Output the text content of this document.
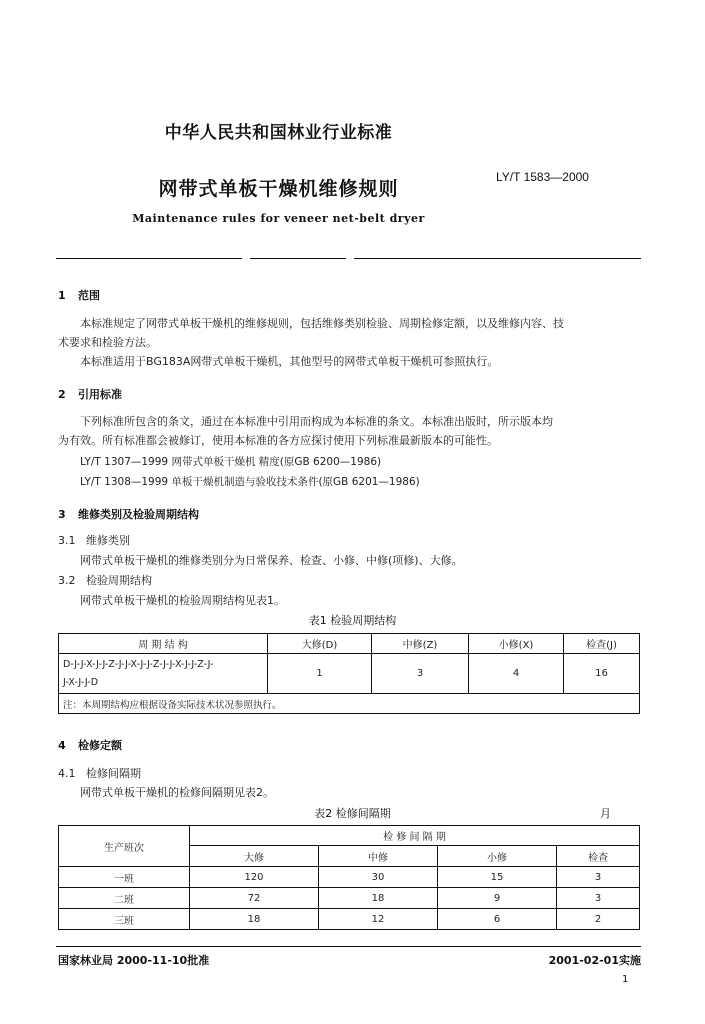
中华人民共和国林业行业标准
网带式单板干燥机维修规则
LY/T 1583—2000
Maintenance rules for veneer net-belt dryer
1 范围
本标准规定了网带式单板干燥机的维修规则，包括维修类别检验、周期检修定额，以及维修内容、技
术要求和检验方法。
本标准适用于BG183A网带式单板干燥机，其他型号的网带式单板干燥机可参照执行。
2 引用标准
下列标准所包含的条文，通过在本标准中引用而构成为本标准的条文。本标准出版时，所示版本均
为有效。所有标准都会被修订，使用本标准的各方应探讨使用下列标准最新版本的可能性。
LY/T 1307—1999 网带式单板干燥机 精度(原GB 6200—1986)
LY/T 1308—1999 单板干燥机制造与验收技术条件(原GB 6201—1986)
3 维修类别及检验周期结构
3.1 维修类别
网带式单板干燥机的维修类别分为日常保养、检查、小修、中修(项修)、大修。
3.2 检验周期结构
网带式单板干燥机的检验周期结构见表1。
表1 检验周期结构
周 期 结 构	大修(D)	中修(Z)	小修(X)	检查(J)

D-J-J-X-J-J-Z-J-J-X-J-J-Z-J-J-X-J-J-Z-J-
J-X-J-J-D	1	3	4	16
注：本周期结构应根据设备实际技术状况参照执行。				
4 检修定额
4.1 检修间隔期
网带式单板干燥机的检修间隔期见表2。
表2 检修间隔期	月
生产班次	检 修 间 隔 期			
	大修	中修	小修	检查
一班	120	30	15	3
二班	72	18	9	3
三班	18	12	6	2
国家林业局 2000-11-10批准	2001-02-01实施
1
